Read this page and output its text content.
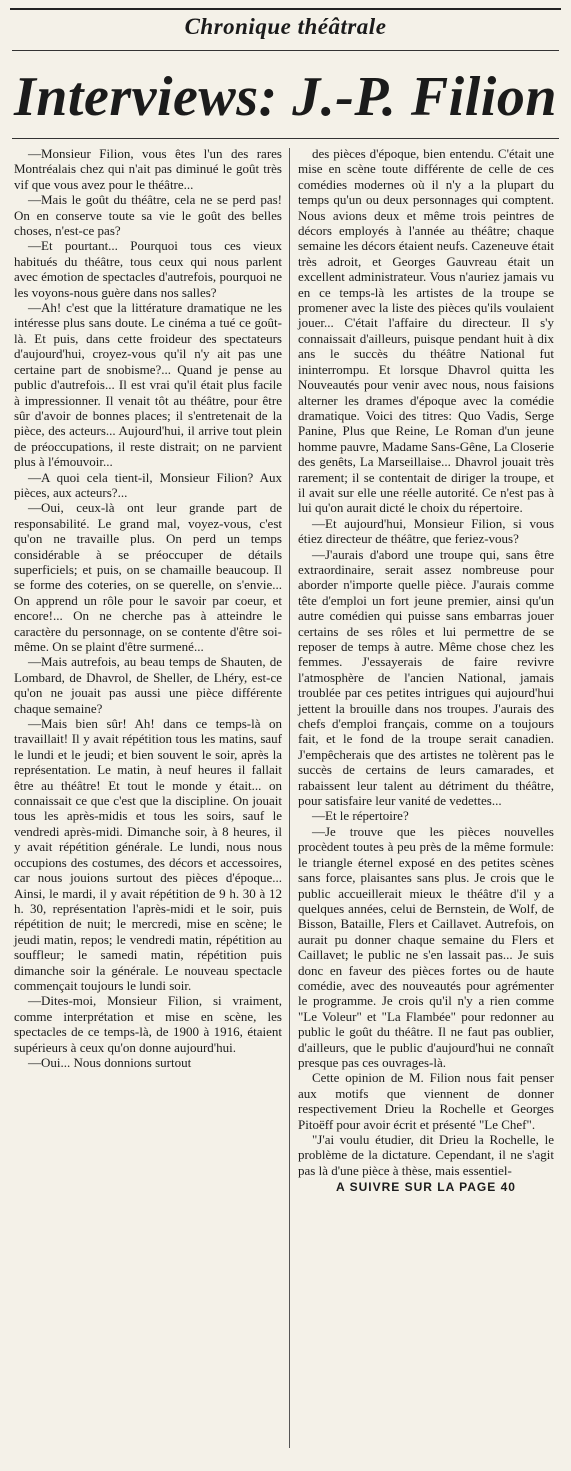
Chronique théâtrale
Interviews: J.-P. Filion

—Monsieur Filion, vous êtes l'un des rares Montréalais chez qui n'ait pas diminué le goût très vif que vous avez pour le théâtre...

—Mais le goût du théâtre, cela ne se perd pas! On en conserve toute sa vie le goût des belles choses, n'est-ce pas?

—Et pourtant... Pourquoi tous ces vieux habitués du théâtre, tous ceux qui nous parlent avec émotion de spectacles d'autrefois, pourquoi ne les voyons-nous guère dans nos salles?

—Ah! c'est que la littérature dramatique ne les intéresse plus sans doute. Le cinéma a tué ce goût-là. Et puis, dans cette froideur des spectateurs d'aujourd'hui, croyez-vous qu'il n'y ait pas une certaine part de snobisme?... Quand je pense au public d'autrefois... Il est vrai qu'il était plus facile à impressionner. Il venait tôt au théâtre, pour être sûr d'avoir de bonnes places; il s'entretenait de la pièce, des acteurs... Aujourd'hui, il arrive tout plein de préoccupations, il reste distrait; on ne parvient plus à l'émouvoir...

—A quoi cela tient-il, Monsieur Filion? Aux pièces, aux acteurs?...

—Oui, ceux-là ont leur grande part de responsabilité. Le grand mal, voyez-vous, c'est qu'on ne travaille plus. On perd un temps considérable à se préoccuper de détails superficiels; et puis, on se chamaille beaucoup. Il se forme des coteries, on se querelle, on s'envie... On apprend un rôle pour le savoir par coeur, et encore!... On ne cherche pas à atteindre le caractère du personnage, on se contente d'être soi-même. On se plaint d'être surmené...

—Mais autrefois, au beau temps de Shauten, de Lombard, de Dhavrol, de Sheller, de Lhéry, est-ce qu'on ne jouait pas aussi une pièce différente chaque semaine?

—Mais bien sûr! Ah! dans ce temps-là on travaillait! Il y avait répétition tous les matins, sauf le lundi et le jeudi; et bien souvent le soir, après la représentation. Le matin, à neuf heures il fallait être au théâtre! Et tout le monde y était... on connaissait ce que c'est que la discipline. On jouait tous les après-midis et tous les soirs, sauf le vendredi après-midi. Dimanche soir, à 8 heures, il y avait répétition générale. Le lundi, nous nous occupions des costumes, des décors et accessoires, car nous jouions surtout des pièces d'époque... Ainsi, le mardi, il y avait répétition de 9 h. 30 à 12 h. 30, représentation l'après-midi et le soir, puis répétition de nuit; le mercredi, mise en scène; le jeudi matin, repos; le vendredi matin, répétition au souffleur; le samedi matin, répétition puis dimanche soir la générale. Le nouveau spectacle commençait toujours le lundi soir.

—Dites-moi, Monsieur Filion, si vraiment, comme interprétation et mise en scène, les spectacles de ce temps-là, de 1900 à 1916, étaient supérieurs à ceux qu'on donne aujourd'hui.

—Oui... Nous donnions surtout

des pièces d'époque, bien entendu. C'était une mise en scène toute différente de celle de ces comédies modernes où il n'y a la plupart du temps qu'un ou deux personnages qui comptent. Nous avions deux et même trois peintres de décors employés à l'année au théâtre; chaque semaine les décors étaient neufs. Cazeneuve était très adroit, et Georges Gauvreau était un excellent administrateur. Vous n'auriez jamais vu en ce temps-là les artistes de la troupe se promener avec la liste des pièces qu'ils voulaient jouer... C'était l'affaire du directeur. Il s'y connaissait d'ailleurs, puisque pendant huit à dix ans le succès du théâtre National fut ininterrompu. Et lorsque Dhavrol quitta les Nouveautés pour venir avec nous, nous faisions alterner les drames d'époque avec la comédie dramatique. Voici des titres: Quo Vadis, Serge Panine, Plus que Reine, Le Roman d'un jeune homme pauvre, Madame Sans-Gêne, La Closerie des genêts, La Marseillaise... Dhavrol jouait très rarement; il se contentait de diriger la troupe, et il avait sur elle une réelle autorité. Ce n'est pas à lui qu'on aurait dicté le choix du répertoire.

—Et aujourd'hui, Monsieur Filion, si vous étiez directeur de théâtre, que feriez-vous?

—J'aurais d'abord une troupe qui, sans être extraordinaire, serait assez nombreuse pour aborder n'importe quelle pièce. J'aurais comme tête d'emploi un fort jeune premier, ainsi qu'un autre comédien qui puisse sans embarras jouer certains de ses rôles et lui permettre de se reposer de temps à autre. Même chose chez les femmes. J'essayerais de faire revivre l'atmosphère de l'ancien National, jamais troublée par ces petites intrigues qui aujourd'hui jettent la brouille dans nos troupes. J'aurais des chefs d'emploi français, comme on a toujours fait, et le fond de la troupe serait canadien. J'empêcherais que des artistes ne tolèrent pas le succès de certains de leurs camarades, et rabaissent leur talent au détriment du théâtre, pour satisfaire leur vanité de vedettes...

—Et le répertoire?

—Je trouve que les pièces nouvelles procèdent toutes à peu près de la même formule: le triangle éternel exposé en des petites scènes sans force, plaisantes sans plus. Je crois que le public accueillerait mieux le théâtre d'il y a quelques années, celui de Bernstein, de Wolf, de Bisson, Bataille, Flers et Caillavet. Autrefois, on aurait pu donner chaque semaine du Flers et Caillavet; le public ne s'en lassait pas... Je suis donc en faveur des pièces fortes ou de haute comédie, avec des nouveautés pour agrémenter le programme. Je crois qu'il n'y a rien comme "Le Voleur" et "La Flambée" pour redonner au public le goût du théâtre. Il ne faut pas oublier, d'ailleurs, que le public d'aujourd'hui ne connaît presque pas ces ouvrages-là.

Cette opinion de M. Filion nous fait penser aux motifs que viennent de donner respectivement Drieu la Rochelle et Georges Pitoëff pour avoir écrit et présenté "Le Chef".

"J'ai voulu étudier, dit Drieu la Rochelle, le problème de la dictature. Cependant, il ne s'agit pas là d'une pièce à thèse, mais essentiel-

A SUIVRE SUR LA PAGE 40
